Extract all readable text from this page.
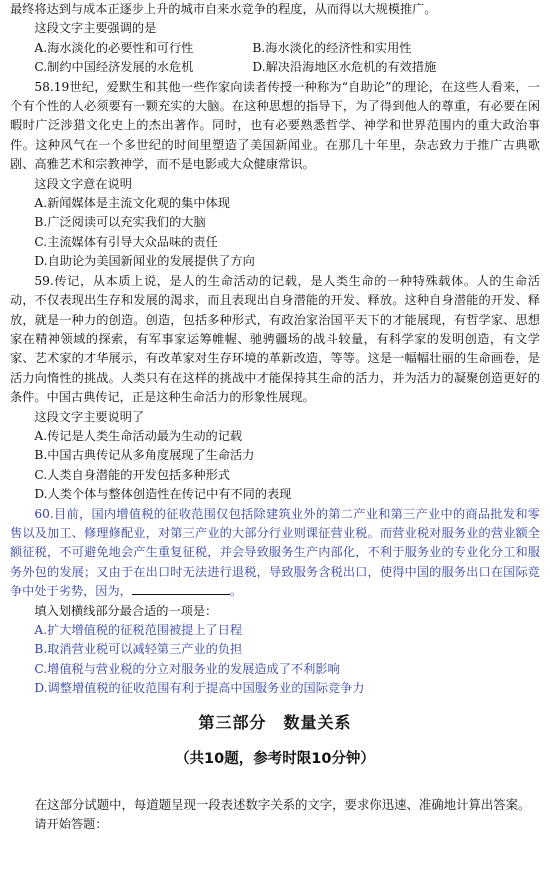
最终将达到与成本正逐步上升的城市自来水竞争的程度，从而得以大规模推广。

这段文字主要强调的是

A.海水淡化的必要性和可行性	B.海水淡化的经济性和实用性
C.制约中国经济发展的水危机	D.解决沿海地区水危机的有效措施

58.19世纪，爱默生和其他一些作家向读者传授一种称为“自助论”的理论，在这些人看来，一个有个性的人必须要有一颗充实的大脑。在这种思想的指导下，为了得到他人的尊重，有必要在闲暇时广泛涉猎文化史上的杰出著作。同时，也有必要熟悉哲学、神学和世界范围内的重大政治事件。这种风气在一个多世纪的时间里塑造了美国新闻业。在那几十年里，杂志致力于推广古典歌剧、高雅艺术和宗教神学，而不是电影或大众健康常识。

这段文字意在说明

A.新闻媒体是主流文化观的集中体现

B.广泛阅读可以充实我们的大脑

C.主流媒体有引导大众品味的责任

D.自助论为美国新闻业的发展提供了方向

59.传记，从本质上说，是人的生命活动的记载，是人类生命的一种特殊载体。人的生命活动，不仅表现出生存和发展的渴求，而且表现出自身潜能的开发、释放。这种自身潜能的开发、释放，就是一种力的创造。创造，包括多种形式，有政治家治国平天下的才能展现，有哲学家、思想家在精神领域的探索，有军事家运筹帷幄、驰骋疆场的战斗较量，有科学家的发明创造，有文学家、艺术家的才华展示，有改革家对生存环境的革新改造，等等。这是一幅幅壮丽的生命画卷，是活力向惰性的挑战。人类只有在这样的挑战中才能保持其生命的活力，并为活力的凝聚创造更好的条件。中国古典传记，正是这种生命活力的形象性展现。

这段文字主要说明了

A.传记是人类生命活动最为生动的记载

B.中国古典传记从多角度展现了生命活力

C.人类自身潜能的开发包括多种形式

D.人类个体与整体创造性在传记中有不同的表现

60.目前，国内增值税的征收范围仅包括除建筑业外的第二产业和第三产业中的商品批发和零售以及加工、修理修配业，对第三产业的大部分行业则课征营业税。而营业税对服务业的营业额全额征税，不可避免地会产生重复征税，并会导致服务生产内部化，不利于服务业的专业化分工和服务外包的发展；又由于在出口时无法进行退税，导致服务含税出口，使得中国的服务出口在国际竞争中处于劣势，因为，	。

填入划横线部分最合适的一项是：

A.扩大增值税的征税范围被提上了日程

B.取消营业税可以减轻第三产业的负担

C.增值税与营业税的分立对服务业的发展造成了不利影响

D.调整增值税的征收范围有利于提高中国服务业的国际竞争力

第三部分　数量关系

（共10题，参考时限10分钟）

在这部分试题中，每道题呈现一段表述数字关系的文字，要求你迅速、准确地计算出答案。

请开始答题：
